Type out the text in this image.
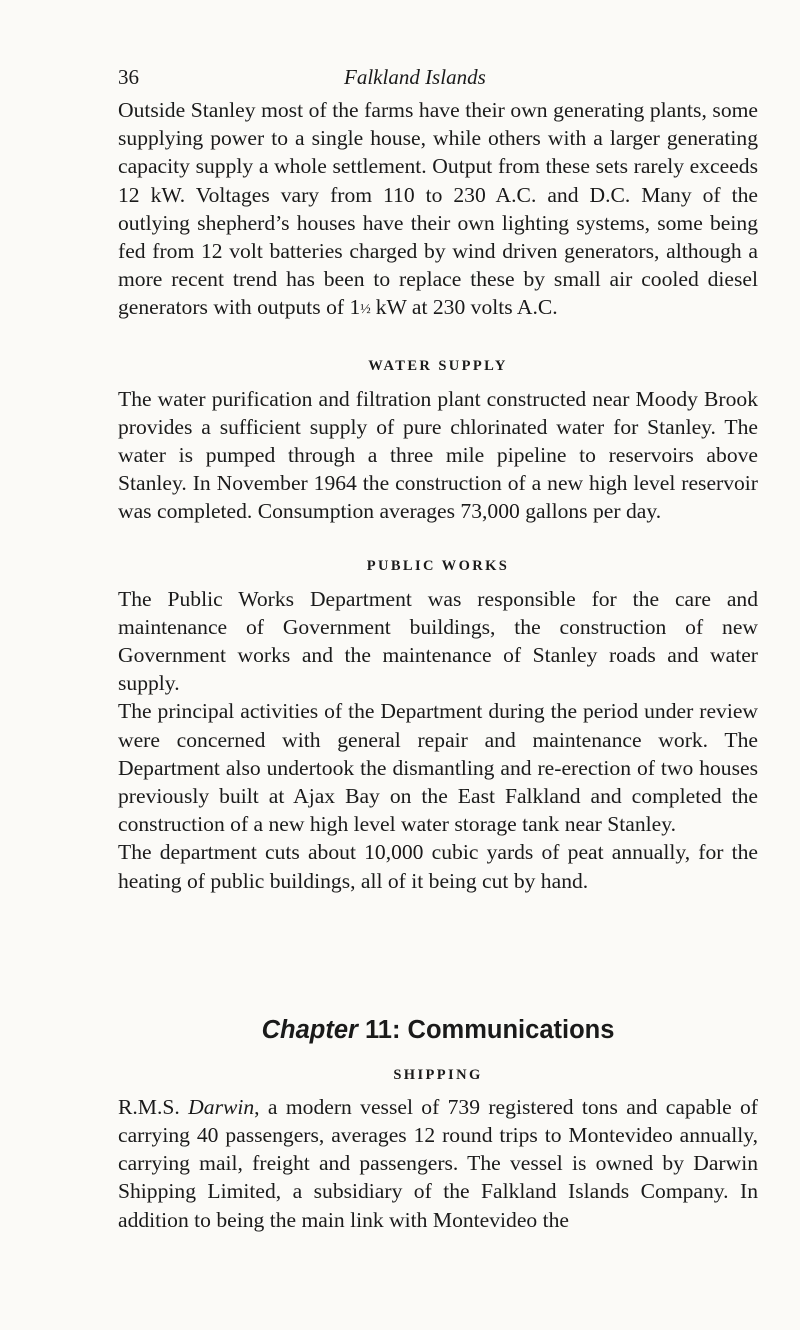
36	Falkland Islands

Outside Stanley most of the farms have their own generating plants, some supplying power to a single house, while others with a larger generating capacity supply a whole settlement. Output from these sets rarely exceeds 12 kW. Voltages vary from 110 to 230 A.C. and D.C. Many of the outlying shepherd’s houses have their own lighting systems, some being fed from 12 volt batteries charged by wind driven generators, although a more recent trend has been to replace these by small air cooled diesel generators with outputs of 1½ kW at 230 volts A.C.

WATER SUPPLY

The water purification and filtration plant constructed near Moody Brook provides a sufficient supply of pure chlorinated water for Stanley. The water is pumped through a three mile pipeline to reservoirs above Stanley. In November 1964 the construction of a new high level reservoir was completed. Consumption averages 73,000 gallons per day.

PUBLIC WORKS

The Public Works Department was responsible for the care and maintenance of Government buildings, the construction of new Government works and the maintenance of Stanley roads and water supply.

The principal activities of the Department during the period under review were concerned with general repair and maintenance work. The Department also undertook the dismantling and re-erection of two houses previously built at Ajax Bay on the East Falkland and completed the construction of a new high level water storage tank near Stanley.

The department cuts about 10,000 cubic yards of peat annually, for the heating of public buildings, all of it being cut by hand.

Chapter 11: Communications
SHIPPING

R.M.S. Darwin, a modern vessel of 739 registered tons and capable of carrying 40 passengers, averages 12 round trips to Montevideo annually, carrying mail, freight and passengers. The vessel is owned by Darwin Shipping Limited, a subsidiary of the Falkland Islands Company. In addition to being the main link with Montevideo the
